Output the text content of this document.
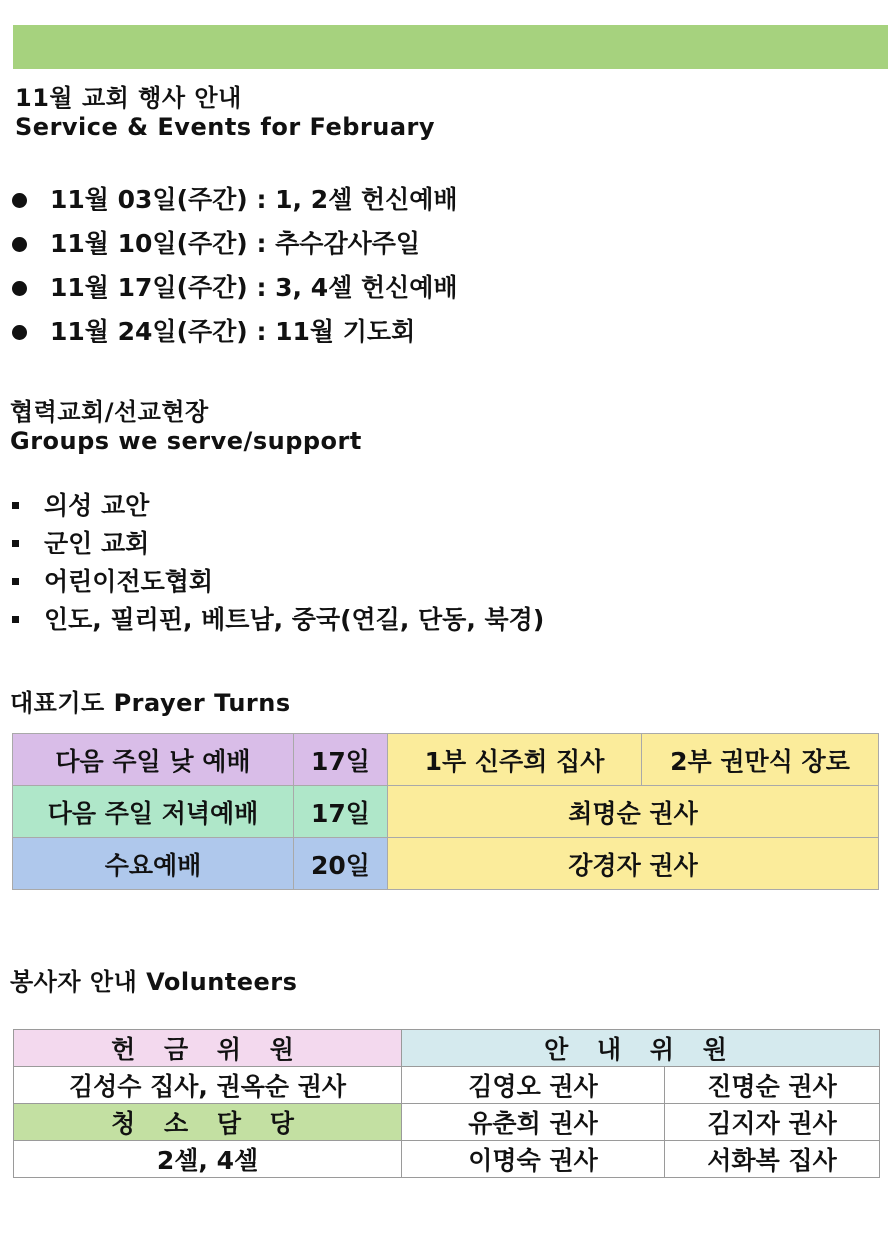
11월 교회 행사 안내
Service & Events for February
11월 03일(주간) : 1, 2셀 헌신예배
11월 10일(주간) : 추수감사주일
11월 17일(주간) : 3, 4셀 헌신예배
11월 24일(주간) : 11월 기도회
협력교회/선교현장
Groups we serve/support
의성 교안
군인 교회
어린이전도협회
인도, 필리핀, 베트남, 중국(연길, 단동, 북경)
대표기도 Prayer Turns
다음 주일 낮 예배	17일	1부 신주희 집사	2부 권만식 장로
다음 주일 저녁예배	17일	최명순 권사	
수요예배	20일	강경자 권사	
봉사자 안내 Volunteers
헌 금 위 원	안 내 위 원	
김성수 집사, 권옥순 권사	김영오 권사	진명순 권사
청 소 담 당	유춘희 권사	김지자 권사
2셀, 4셀	이명숙 권사	서화복 집사
